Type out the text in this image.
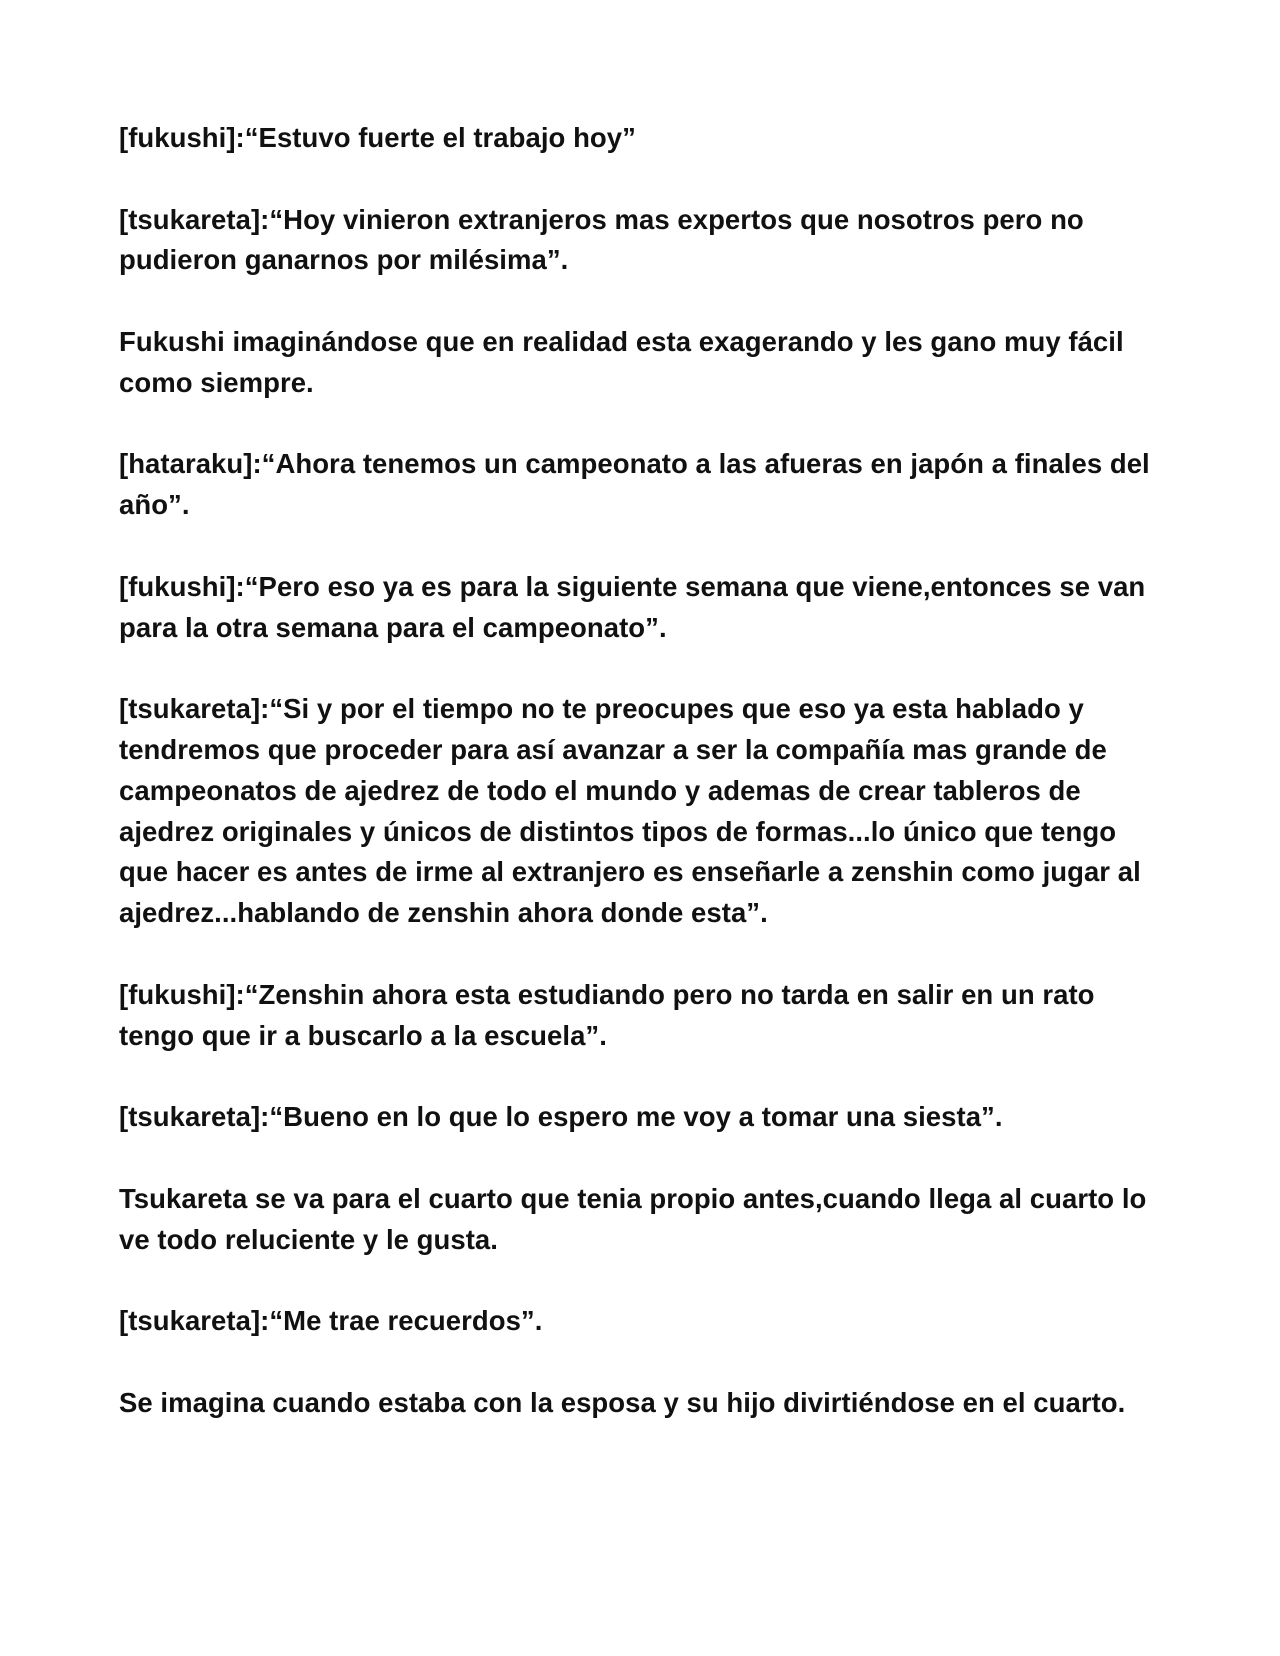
[fukushi]:“Estuvo fuerte el trabajo hoy”

[tsukareta]:“Hoy vinieron extranjeros mas expertos que nosotros pero no pudieron ganarnos por milésima”.

Fukushi imaginándose que en realidad esta exagerando y les gano muy fácil como siempre.

[hataraku]:“Ahora tenemos un campeonato a las afueras en japón a finales del año”.

[fukushi]:“Pero eso ya es para la siguiente semana que viene,entonces se van para la otra semana para el campeonato”.

[tsukareta]:“Si y por el tiempo no te preocupes que eso ya esta hablado y tendremos que proceder para así avanzar a ser la compañía mas grande de campeonatos de ajedrez de todo el mundo y ademas de crear tableros de ajedrez originales y únicos de distintos tipos de formas...lo único que tengo que hacer es antes de irme al extranjero es enseñarle a zenshin como jugar al ajedrez...hablando de zenshin ahora donde esta”.

[fukushi]:“Zenshin ahora esta estudiando pero no tarda en salir en un rato tengo que ir a buscarlo a la escuela”.

[tsukareta]:“Bueno en lo que lo espero me voy a tomar una siesta”.

Tsukareta se va para el cuarto que tenia propio antes,cuando llega al cuarto lo ve todo reluciente y le gusta.

[tsukareta]:“Me trae recuerdos”.

Se imagina cuando estaba con la esposa y su hijo divirtiéndose en el cuarto.
